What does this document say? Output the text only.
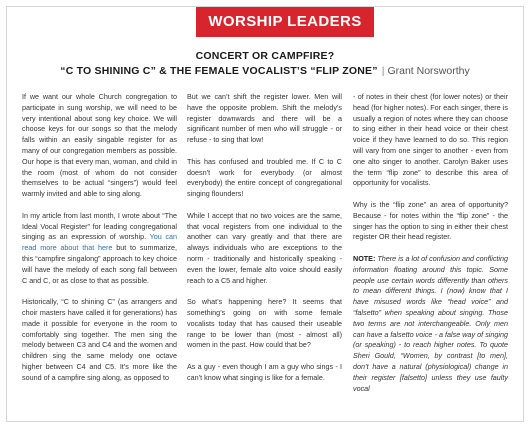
WORSHIP LEADERS
CONCERT OR CAMPFIRE?
“C TO SHINING C” & THE FEMALE VOCALIST’S “FLIP ZONE” | Grant Norsworthy

If we want our whole Church congregation to participate in sung worship, we will need to be very intentional about song key choice. We will choose keys for our songs so that the melody falls within an easily singable register for as many of our congregation members as possible. Our hope is that every man, woman, and child in the room (most of whom do not consider themselves to be actual “singers”) would feel warmly invited and able to sing along.

In my article from last month, I wrote about “The Ideal Vocal Register” for leading congregational singing as an expression of worship. You can read more about that here but to summarize, this “campfire singalong” approach to key choice will have the melody of each song fall between C and C, or as close to that as possible.

Historically, “C to shining C” (as arrangers and choir masters have called it for generations) has made it possible for everyone in the room to comfortably sing together. The men sing the melody between C3 and C4 and the women and children sing the same melody one octave higher between C4 and C5. It’s more like the sound of a campfire sing along, as opposed to

But we can’t shift the register lower. Men will have the opposite problem. Shift the melody’s register downwards and there will be a significant number of men who will struggle - or refuse - to sing that low!

This has confused and troubled me. If C to C doesn’t work for everybody (or almost everybody) the entire concept of congregational singing flounders!

While I accept that no two voices are the same, that vocal registers from one individual to the another can vary greatly and that there are always individuals who are exceptions to the norm - traditionally and historically speaking - even the lower, female alto voice should easily reach to a C5 and higher.

So what’s happening here? It seems that something’s going on with some female vocalists today that has caused their useable range to be lower than (most - almost all) women in the past. How could that be?

As a guy - even though I am a guy who sings - I can’t know what singing is like for a female.

- of notes in their chest (for lower notes) or their head (for higher notes). For each singer, there is usually a region of notes where they can choose to sing either in their head voice or their chest voice if they have learned to do so. This region will vary from one singer to another - even from one alto singer to another. Carolyn Baker uses the term “flip zone” to describe this area of opportunity for vocalists.

Why is the “flip zone” an area of opportunity? Because - for notes within the “flip zone” - the singer has the option to sing in either their chest register OR their head register.

NOTE: There is a lot of confusion and conflicting information floating around this topic. Some people use certain words differently than others to mean different things. I (now) know that I have misused words like “head voice” and “falsetto” when speaking about singing. Those two terms are not interchangeable. Only men can have a falsetto voice - a false way of singing (or speaking) - to reach higher notes. To quote Sheri Gould, “Women, by contrast [to men], don’t have a natural (physiological) change in their register [falsetto] unless they use faulty vocal
